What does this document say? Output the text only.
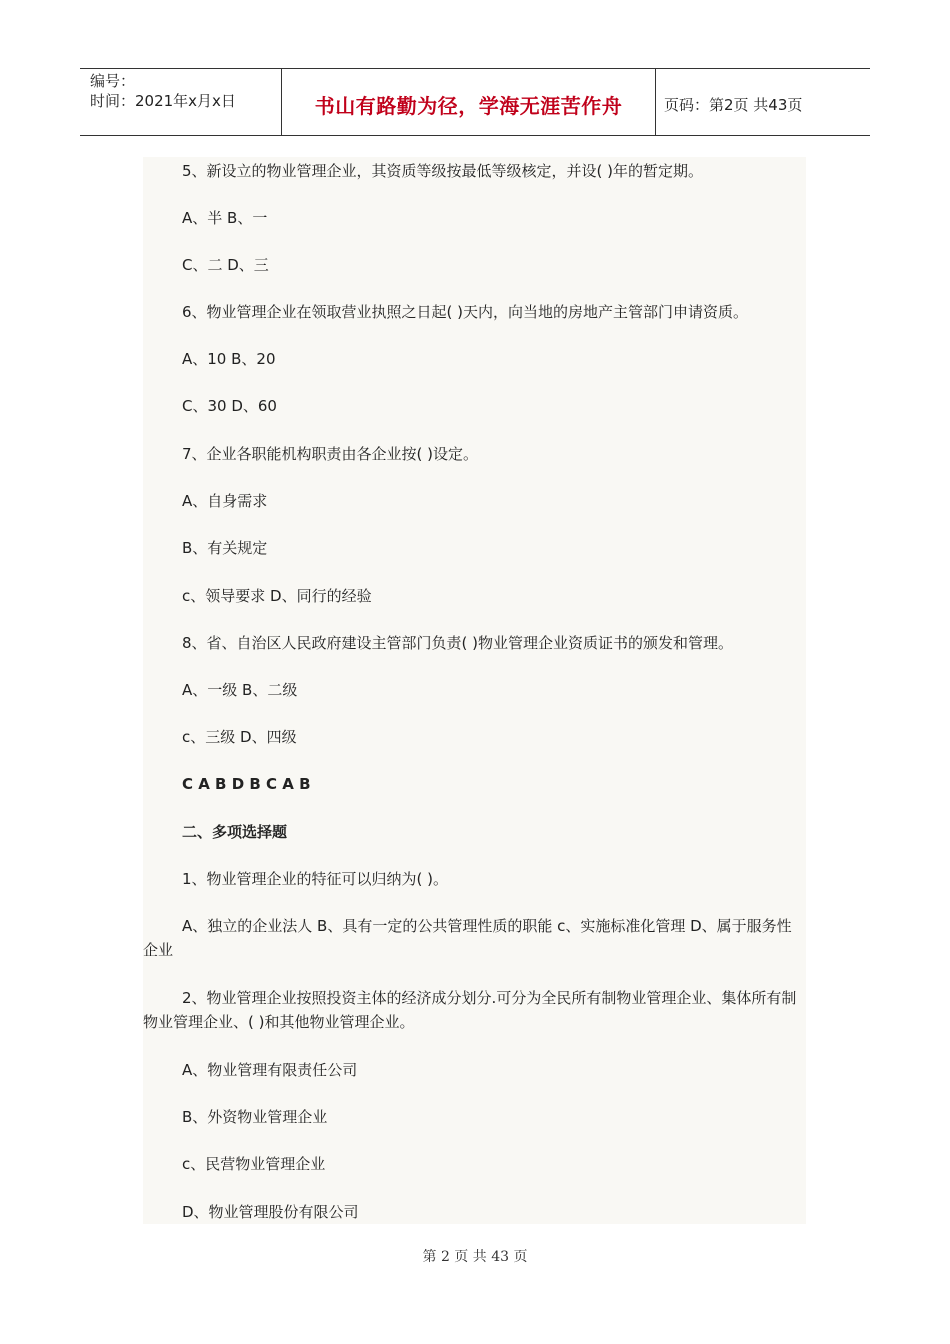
编号：
时间：2021年x月x日	书山有路勤为径，学海无涯苦作舟	页码：第2页 共43页
5、新设立的物业管理企业，其资质等级按最低等级核定，并设( )年的暂定期。
A、半 B、一
C、二 D、三
6、物业管理企业在领取营业执照之日起( )天内，向当地的房地产主管部门申请资质。
A、10 B、20
C、30 D、60
7、企业各职能机构职责由各企业按( )设定。
A、自身需求
B、有关规定
c、领导要求 D、同行的经验
8、省、自治区人民政府建设主管部门负责( )物业管理企业资质证书的颁发和管理。
A、一级 B、二级
c、三级 D、四级
C A B D B C A B
二、多项选择题
1、物业管理企业的特征可以归纳为( )。
A、独立的企业法人 B、具有一定的公共管理性质的职能 c、实施标准化管理 D、属于服务性企业
2、物业管理企业按照投资主体的经济成分划分.可分为全民所有制物业管理企业、集体所有制物业管理企业、( )和其他物业管理企业。
A、物业管理有限责任公司
B、外资物业管理企业
c、民营物业管理企业
D、物业管理股份有限公司
第 2 页 共 43 页
